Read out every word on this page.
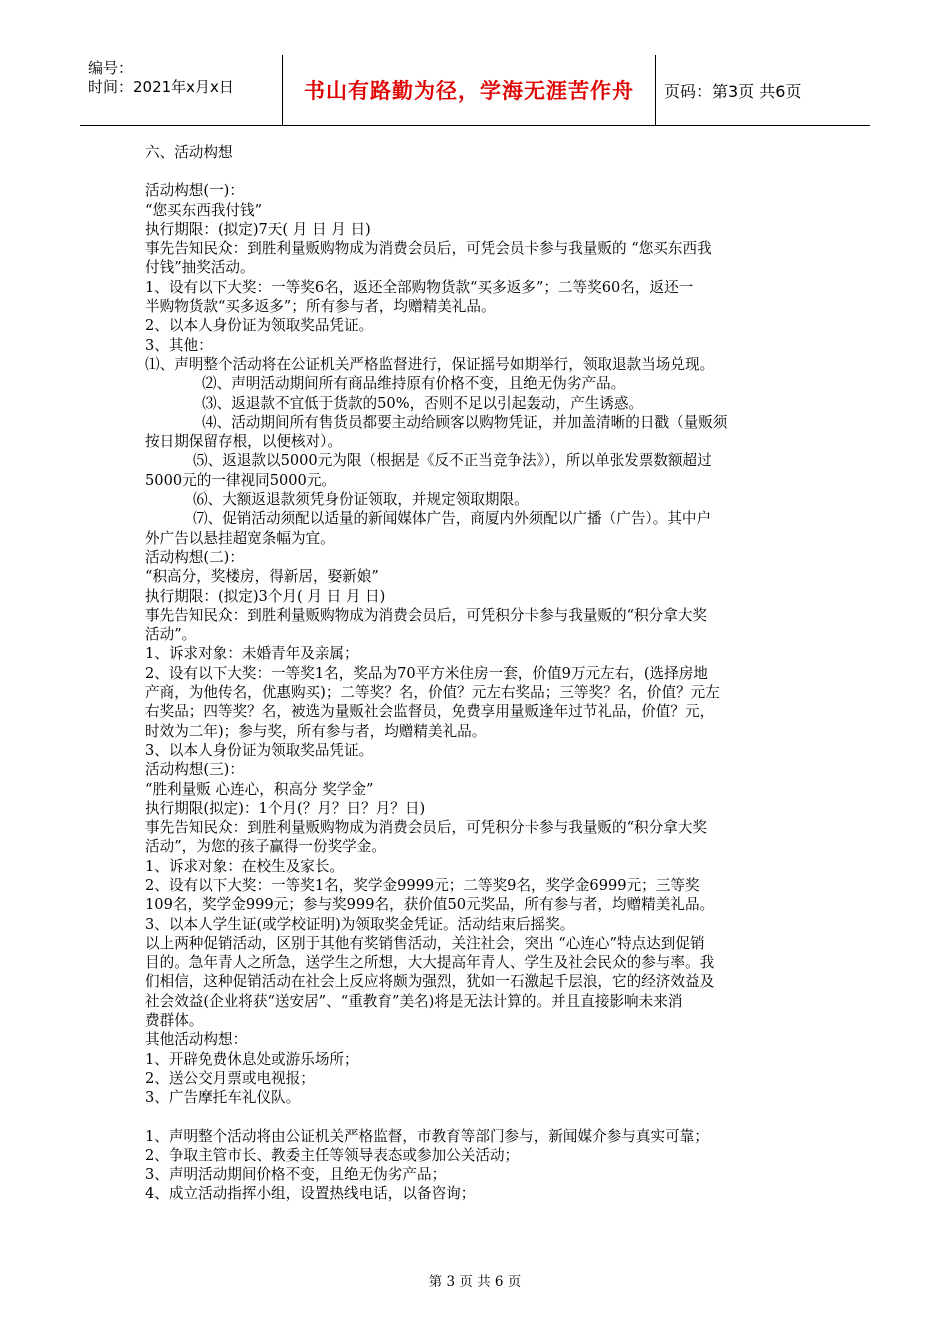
编号：
时间：2021年x月x日	书山有路勤为径，学海无涯苦作舟 页码：第3页 共6页

六、活动构想

活动构想(一)：

“您买东西我付钱”

执行期限：(拟定)7天( 月 日 月 日)

事先告知民众：到胜利量贩购物成为消费会员后，可凭会员卡参与我量贩的 “您买东西我

付钱”抽奖活动。

1、设有以下大奖：一等奖6名，返还全部购物货款“买多返多”；二等奖60名，返还一

半购物货款“买多返多”；所有参与者，均赠精美礼品。

2、以本人身份证为领取奖品凭证。

3、其他：

⑴、声明整个活动将在公证机关严格监督进行，保证摇号如期举行，领取退款当场兑现。

⑵、声明活动期间所有商品维持原有价格不变，且绝无伪劣产品。

⑶、返退款不宜低于货款的50%，否则不足以引起轰动，产生诱惑。

⑷、活动期间所有售货员都要主动给顾客以购物凭证，并加盖清晰的日戳（量贩须

按日期保留存根，以便核对）。

⑸、返退款以5000元为限（根据是《反不正当竞争法》），所以单张发票数额超过

5000元的一律视同5000元。

⑹、大额返退款须凭身份证领取，并规定领取期限。

⑺、促销活动须配以适量的新闻媒体广告，商厦内外须配以广播（广告）。其中户

外广告以悬挂超宽条幅为宜。

活动构想(二)：

“积高分，奖楼房，得新居，娶新娘”

执行期限：(拟定)3个月( 月 日 月 日)

事先告知民众：到胜利量贩购物成为消费会员后，可凭积分卡参与我量贩的“积分拿大奖

活动”。

1、诉求对象：未婚青年及亲属；

2、设有以下大奖：一等奖1名，奖品为70平方米住房一套，价值9万元左右，(选择房地

产商，为他传名，优惠购买)；二等奖？名，价值？元左右奖品；三等奖？名，价值？元左

右奖品；四等奖？名，被选为量贩社会监督员，免费享用量贩逢年过节礼品，价值？元，

时效为二年)；参与奖，所有参与者，均赠精美礼品。

3、以本人身份证为领取奖品凭证。

活动构想(三)：

“胜利量贩 心连心，积高分 奖学金”

执行期限(拟定)：1个月(？月？日？月？日)

事先告知民众：到胜利量贩购物成为消费会员后，可凭积分卡参与我量贩的“积分拿大奖

活动”，为您的孩子赢得一份奖学金。

1、诉求对象：在校生及家长。

2、设有以下大奖：一等奖1名，奖学金9999元；二等奖9名，奖学金6999元；三等奖

109名，奖学金999元；参与奖999名，获价值50元奖品，所有参与者，均赠精美礼品。

3、以本人学生证(或学校证明)为领取奖金凭证。活动结束后摇奖。

以上两种促销活动，区别于其他有奖销售活动，关注社会，突出 “心连心”特点达到促销

目的。急年青人之所急，送学生之所想，大大提高年青人、学生及社会民众的参与率。我

们相信，这种促销活动在社会上反应将颇为强烈，犹如一石激起千层浪，它的经济效益及

社会效益(企业将获“送安居”、“重教育”美名)将是无法计算的。并且直接影响未来消

费群体。

其他活动构想：

1、开辟免费休息处或游乐场所；

2、送公交月票或电视报；

3、广告摩托车礼仪队。

1、声明整个活动将由公证机关严格监督，市教育等部门参与，新闻媒介参与真实可靠；

2、争取主管市长、教委主任等领导表态或参加公关活动；

3、声明活动期间价格不变，且绝无伪劣产品；

4、成立活动指挥小组，设置热线电话，以备咨询；

第 3 页 共 6 页
